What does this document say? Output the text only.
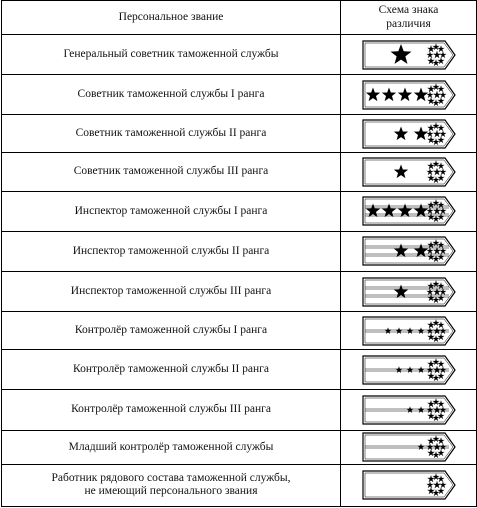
Персональное звание	Схема знака
различия

Генеральный советник таможенной службы

Советник таможенной службы I ранга

Советник таможенной службы II ранга

Советник таможенной службы III ранга

Инспектор таможенной службы I ранга

Инспектор таможенной службы II ранга

Инспектор таможенной службы III ранга

Контролёр таможенной службы I ранга

Контролёр таможенной службы II ранга

Контролёр таможенной службы III ранга

Младший контролёр таможенной службы

Работник рядового состава таможенной службы,
не имеющий персонального звания
